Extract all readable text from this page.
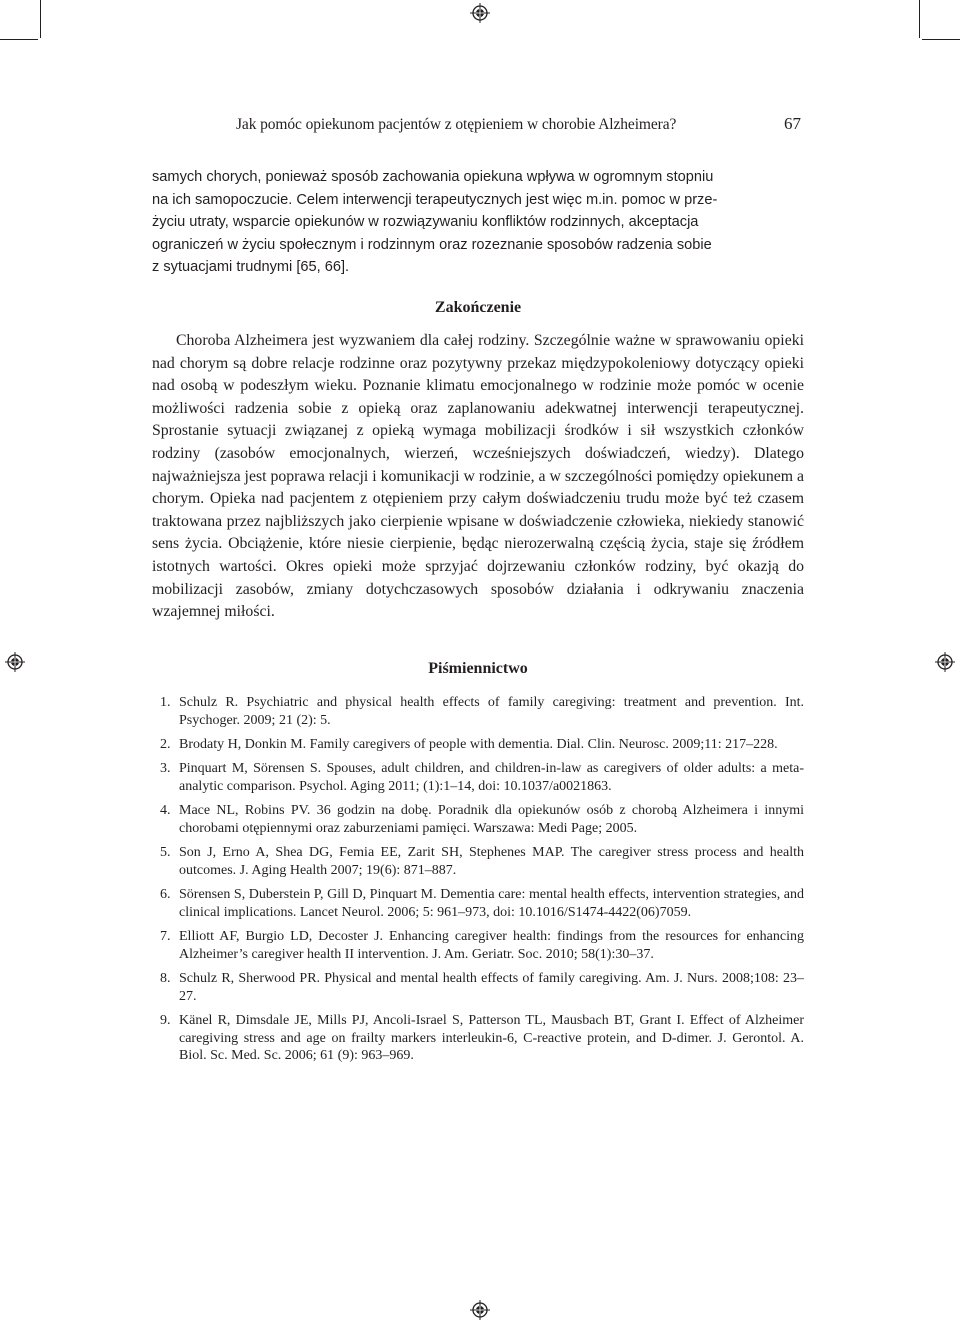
Jak pomóc opiekunom pacjentów z otępieniem w chorobie Alzheimera?	67

samych chorych, ponieważ sposób zachowania opiekuna wpływa w ogromnym stopniu

na ich samopoczucie. Celem interwencji terapeutycznych jest więc m.in. pomoc w prze-

życiu utraty, wsparcie opiekunów w rozwiązywaniu konfliktów rodzinnych, akceptacja

ograniczeń w życiu społecznym i rodzinnym oraz rozeznanie sposobów radzenia sobie

z sytuacjami trudnymi [65, 66].

Zakończenie
Choroba Alzheimera jest wyzwaniem dla całej rodziny. Szczególnie ważne w sprawowaniu opieki nad chorym są dobre relacje rodzinne oraz pozytywny przekaz międzypokoleniowy dotyczący opieki nad osobą w podeszłym wieku. Poznanie klimatu emocjonalnego w rodzinie może pomóc w ocenie możliwości radzenia sobie z opieką oraz zaplanowaniu adekwatnej interwencji terapeutycznej. Sprostanie sytuacji związanej z opieką wymaga mobilizacji środków i sił wszystkich członków rodziny (zasobów emocjonalnych, wierzeń, wcześniejszych doświadczeń, wiedzy). Dlatego najważniejsza jest poprawa relacji i komunikacji w rodzinie, a w szczególności pomiędzy opiekunem a chorym. Opieka nad pacjentem z otępieniem przy całym doświadczeniu trudu może być też czasem traktowana przez najbliższych jako cierpienie wpisane w doświadczenie człowieka, niekiedy stanowić sens życia. Obciążenie, które niesie cierpienie, będąc nierozerwalną częścią życia, staje się źródłem istotnych wartości. Okres opieki może sprzyjać dojrzewaniu członków rodziny, być okazją do mobilizacji zasobów, zmiany dotychczasowych sposobów działania i odkrywaniu znaczenia wzajemnej miłości.
Piśmiennictwo
1. Schulz R. Psychiatric and physical health effects of family caregiving: treatment and prevention. Int. Psychoger. 2009; 21 (2): 5.
2. Brodaty H, Donkin M. Family caregivers of people with dementia. Dial. Clin. Neurosc. 2009;11: 217–228.
3. Pinquart M, Sörensen S. Spouses, adult children, and children-in-law as caregivers of older adults: a meta-analytic comparison. Psychol. Aging 2011; (1):1–14, doi: 10.1037/a0021863.
4. Mace NL, Robins PV. 36 godzin na dobę. Poradnik dla opiekunów osób z chorobą Alzheimera i innymi chorobami otępiennymi oraz zaburzeniami pamięci. Warszawa: Medi Page; 2005.
5. Son J, Erno A, Shea DG, Femia EE, Zarit SH, Stephenes MAP. The caregiver stress process and health outcomes. J. Aging Health 2007; 19(6): 871–887.
6. Sörensen S, Duberstein P, Gill D, Pinquart M. Dementia care: mental health effects, intervention strategies, and clinical implications. Lancet Neurol. 2006; 5: 961–973, doi: 10.1016/S1474-4422(06)7059.
7. Elliott AF, Burgio LD, Decoster J. Enhancing caregiver health: findings from the resources for enhancing Alzheimer’s caregiver health II intervention. J. Am. Geriatr. Soc. 2010; 58(1):30–37.
8. Schulz R, Sherwood PR. Physical and mental health effects of family caregiving. Am. J. Nurs. 2008;108: 23–27.
9. Känel R, Dimsdale JE, Mills PJ, Ancoli-Israel S, Patterson TL, Mausbach BT, Grant I. Effect of Alzheimer caregiving stress and age on frailty markers interleukin-6, C-reactive protein, and D-dimer. J. Gerontol. A. Biol. Sc. Med. Sc. 2006; 61 (9): 963–969.
